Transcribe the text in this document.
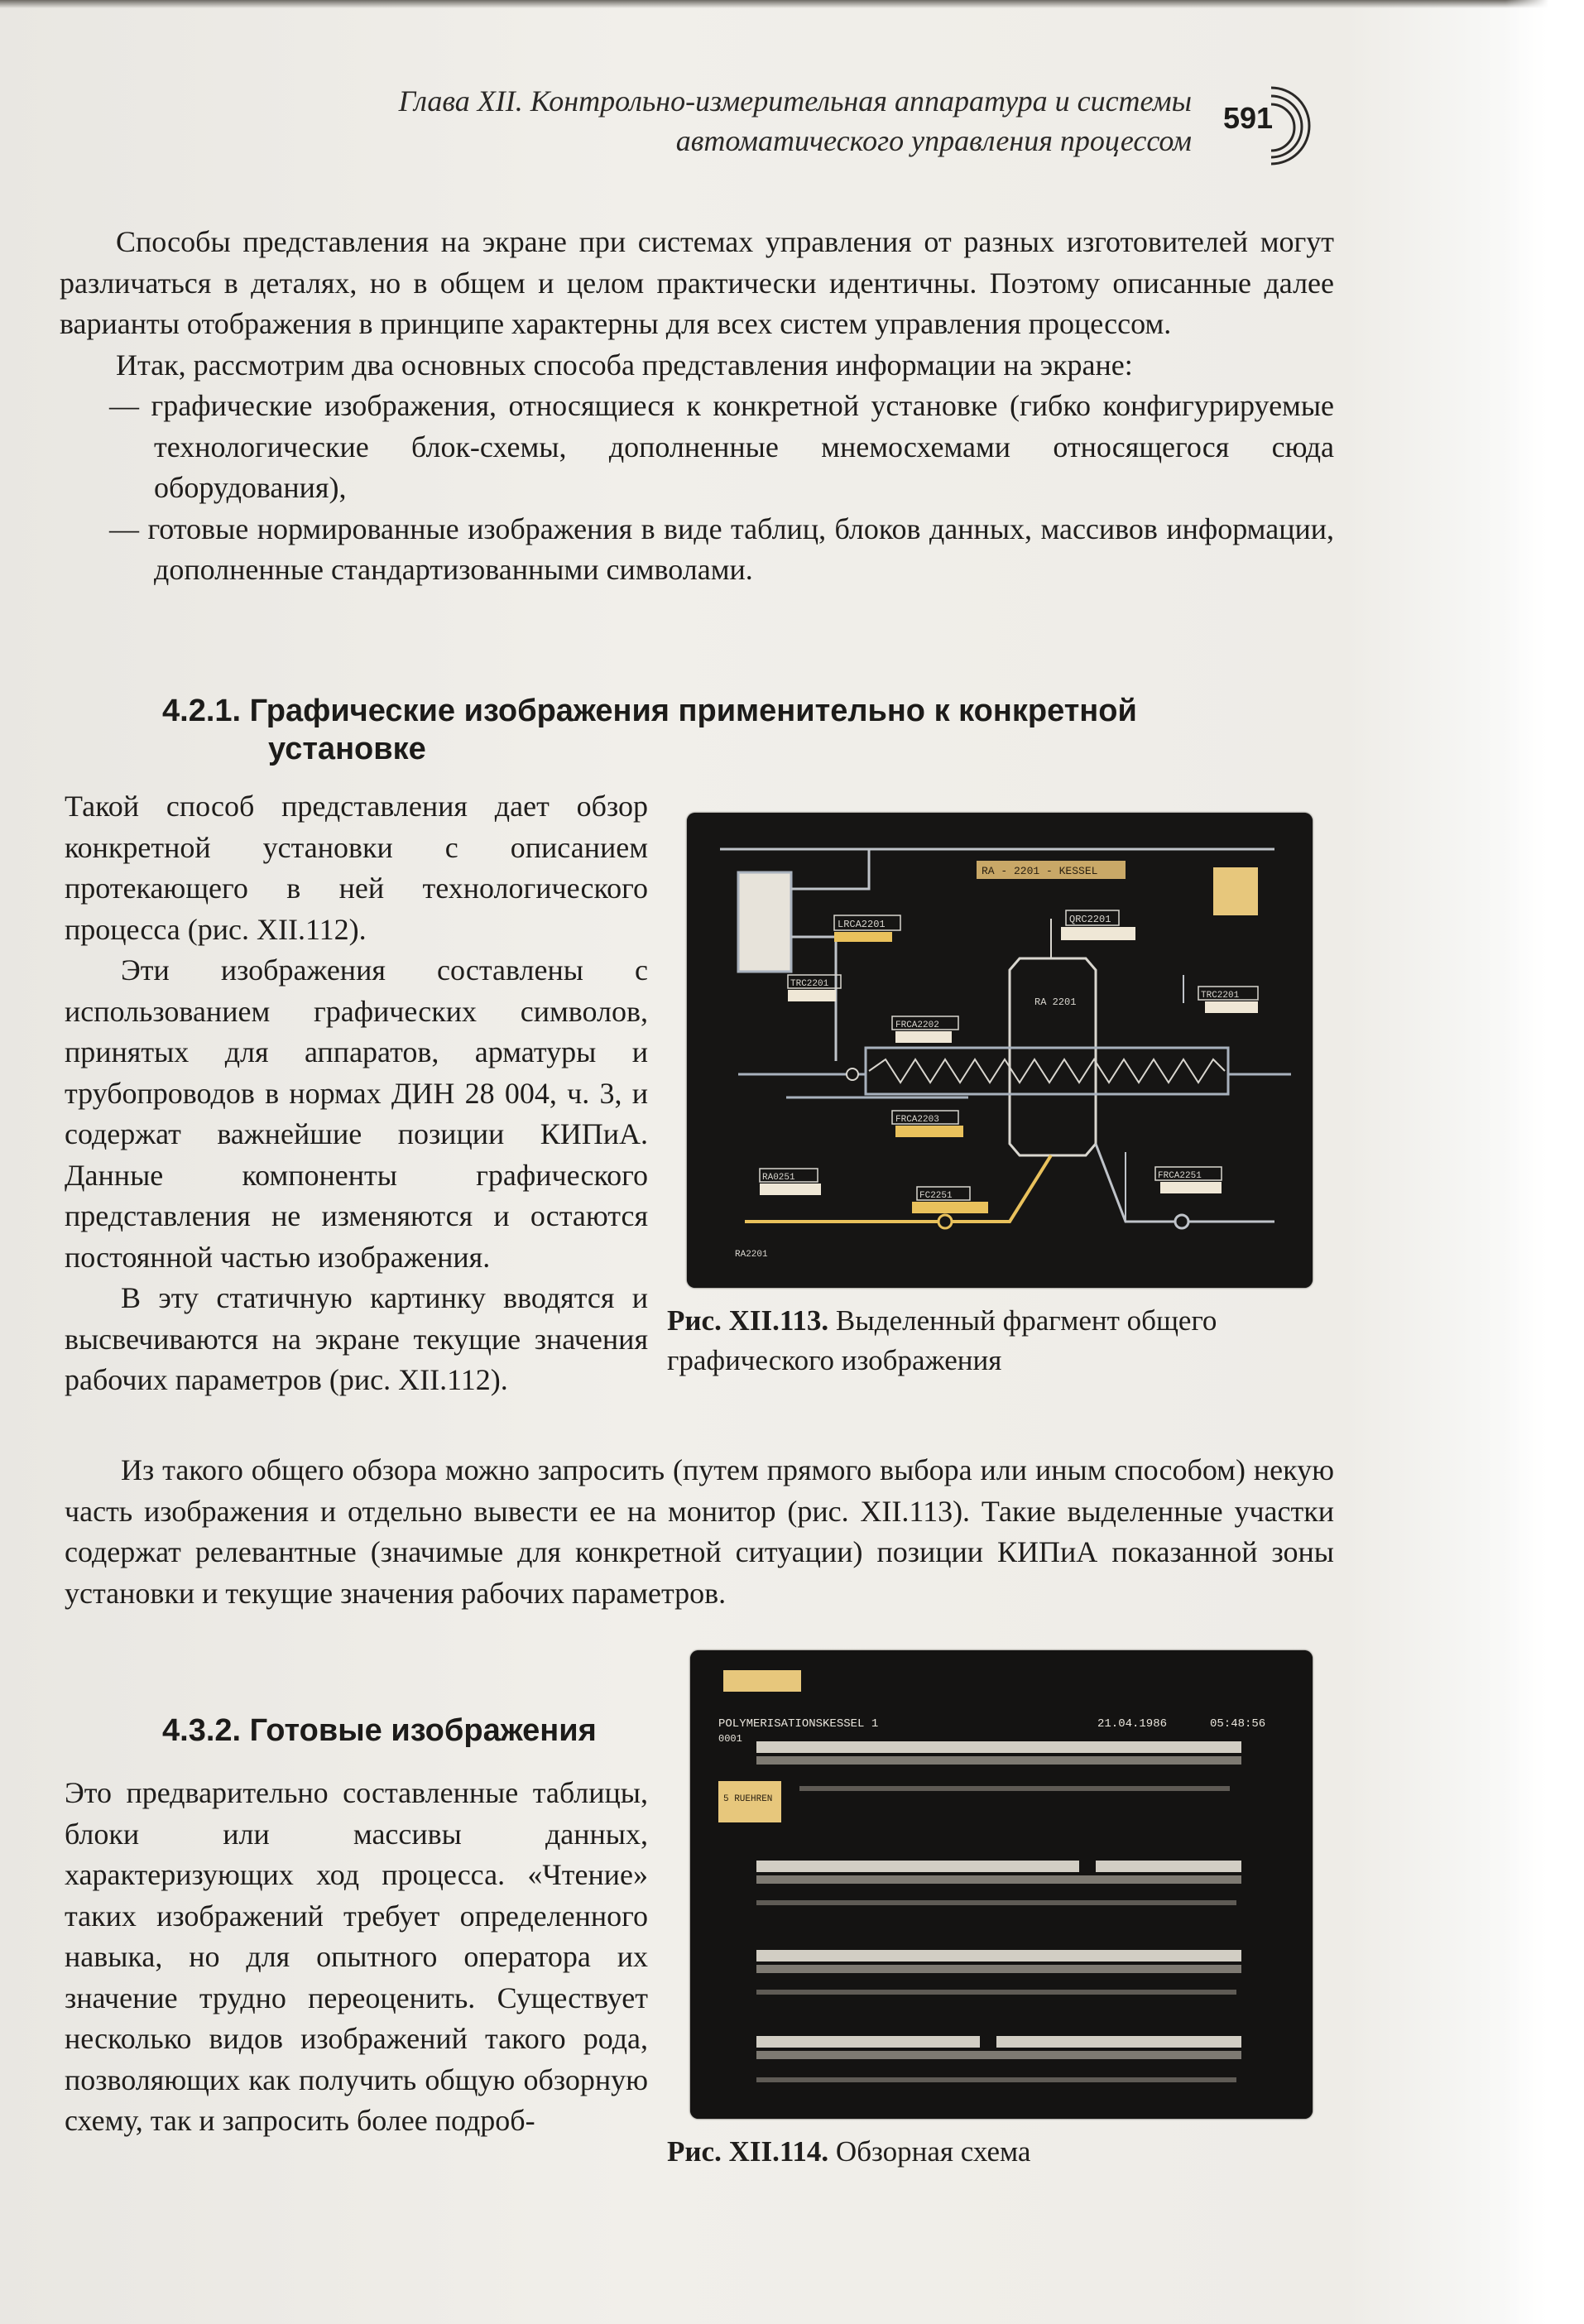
Глава XII. Контрольно-измерительная аппаратура и системы
автоматического управления процессом
591

Способы представления на экране при системах управления от разных изготовителей могут различаться в деталях, но в общем и целом практически идентичны. Поэтому описанные далее варианты отображения в принципе характерны для всех систем управления процессом.

Итак, рассмотрим два основных способа представления информации на экране:

— графические изображения, относящиеся к конкретной установке (гибко конфигурируемые технологические блок-схемы, дополненные мнемосхемами относящегося сюда оборудования),

— готовые нормированные изображения в виде таблиц, блоков данных, массивов информации, дополненные стандартизованными символами.

4.2.1. Графические изображения применительно к конкретной
установке

Такой способ представления дает обзор конкретной установки с описанием протекающего в ней технологического процесса (рис. XII.112).

Эти изображения составлены с использованием графических символов, принятых для аппаратов, арматуры и трубопроводов в нормах ДИН 28 004, ч. 3, и содержат важнейшие позиции КИПиА. Данные компоненты графического представления не изменяются и остаются постоянной частью изображения.

В эту статичную картинку вводятся и высвечиваются на экране текущие значения рабочих параметров (рис. XII.112).

RA - 2201 - KESSEL
LRCA2201	QRC2201
TRC2201
TRC2201
RA 2201
FRCA2202
FRCA2203
RA0251
FC2251
FRCA2251
RA2201
Рис. XII.113. Выделенный фрагмент общего графического изображения

Из такого общего обзора можно запросить (путем прямого выбора или иным способом) некую часть изображения и отдельно вывести ее на монитор (рис. XII.113). Такие выделенные участки содержат релевантные (значимые для конкретной ситуации) позиции КИПиА показанной зоны установки и текущие значения рабочих параметров.

POLYMERISATIONSKESSEL 1
0001
21.04.1986	05:48:56
5 RUEHREN
Рис. XII.114. Обзорная схема
4.3.2. Готовые изображения

Это предварительно составленные таблицы, блоки или массивы данных, характеризующих ход процесса. «Чтение» таких изображений требует определенного навыка, но для опытного оператора их значение трудно переоценить. Существует несколько видов изображений такого рода, позволяющих как получить общую обзорную схему, так и запросить более подроб-
